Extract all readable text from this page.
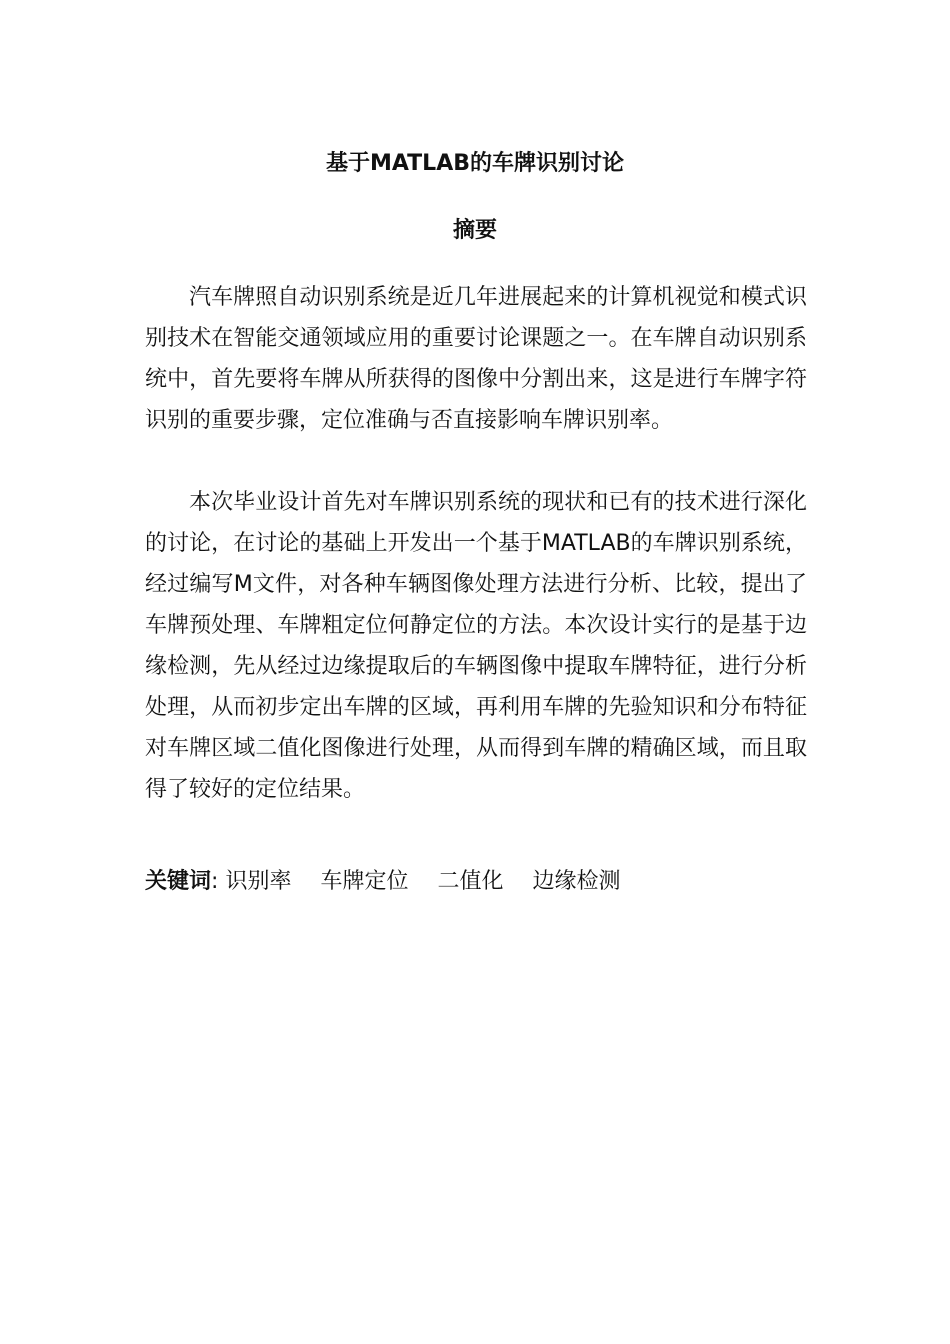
基于MATLAB的车牌识别讨论
摘要

汽车牌照自动识别系统是近几年进展起来的计算机视觉和模式识别技术在智能交通领域应用的重要讨论课题之一。在车牌自动识别系统中，首先要将车牌从所获得的图像中分割出来，这是进行车牌字符识别的重要步骤，定位准确与否直接影响车牌识别率。

本次毕业设计首先对车牌识别系统的现状和已有的技术进行深化的讨论，在讨论的基础上开发出一个基于MATLAB的车牌识别系统，经过编写M文件，对各种车辆图像处理方法进行分析、比较，提出了车牌预处理、车牌粗定位何静定位的方法。本次设计实行的是基于边缘检测，先从经过边缘提取后的车辆图像中提取车牌特征，进行分析处理，从而初步定出车牌的区域，再利用车牌的先验知识和分布特征对车牌区域二值化图像进行处理，从而得到车牌的精确区域，而且取得了较好的定位结果。

关键词: 识别率 车牌定位 二值化 边缘检测
